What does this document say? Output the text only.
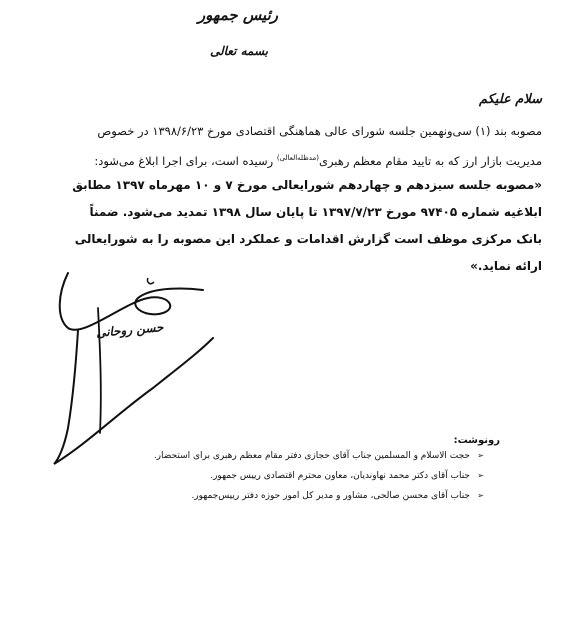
رئیس جمهور
بسمه تعالی
سلام علیکم
مصوبه بند (۱) سی‌ونهمین جلسه شورای عالی هماهنگی اقتصادی مورخ ۱۳۹۸/۶/۲۳ در خصوص
مدیریت بازار ارز که به تایید مقام معظم رهبری$^{(مدظله‌العالی)}$ رسیده است، برای اجرا ابلاغ می‌شود:
«مصوبه جلسه سیزدهم و چهاردهم شورایعالی مورخ ۷ و ۱۰ مهرماه ۱۳۹۷ مطابق
ابلاغیه شماره ۹۷۴۰۵ مورخ ۱۳۹۷/۷/۲۳ تا پایان سال ۱۳۹۸ تمدید می‌شود. ضمناً
بانک مرکزی موظف است گزارش اقدامات و عملکرد این مصوبه را به شورایعالی
ارائه نماید.»
حسن روحانی
رونوشت:
➢حجت الاسلام و المسلمین جناب آقای حجازی دفتر مقام معظم رهبری برای استحضار.
➢جناب آقای دکتر محمد نهاوندیان، معاون محترم اقتصادی رییس جمهور.
➢جناب آقای محسن صالحی، مشاور و مدیر کل امور حوزه دفتر رییس‌جمهور.
